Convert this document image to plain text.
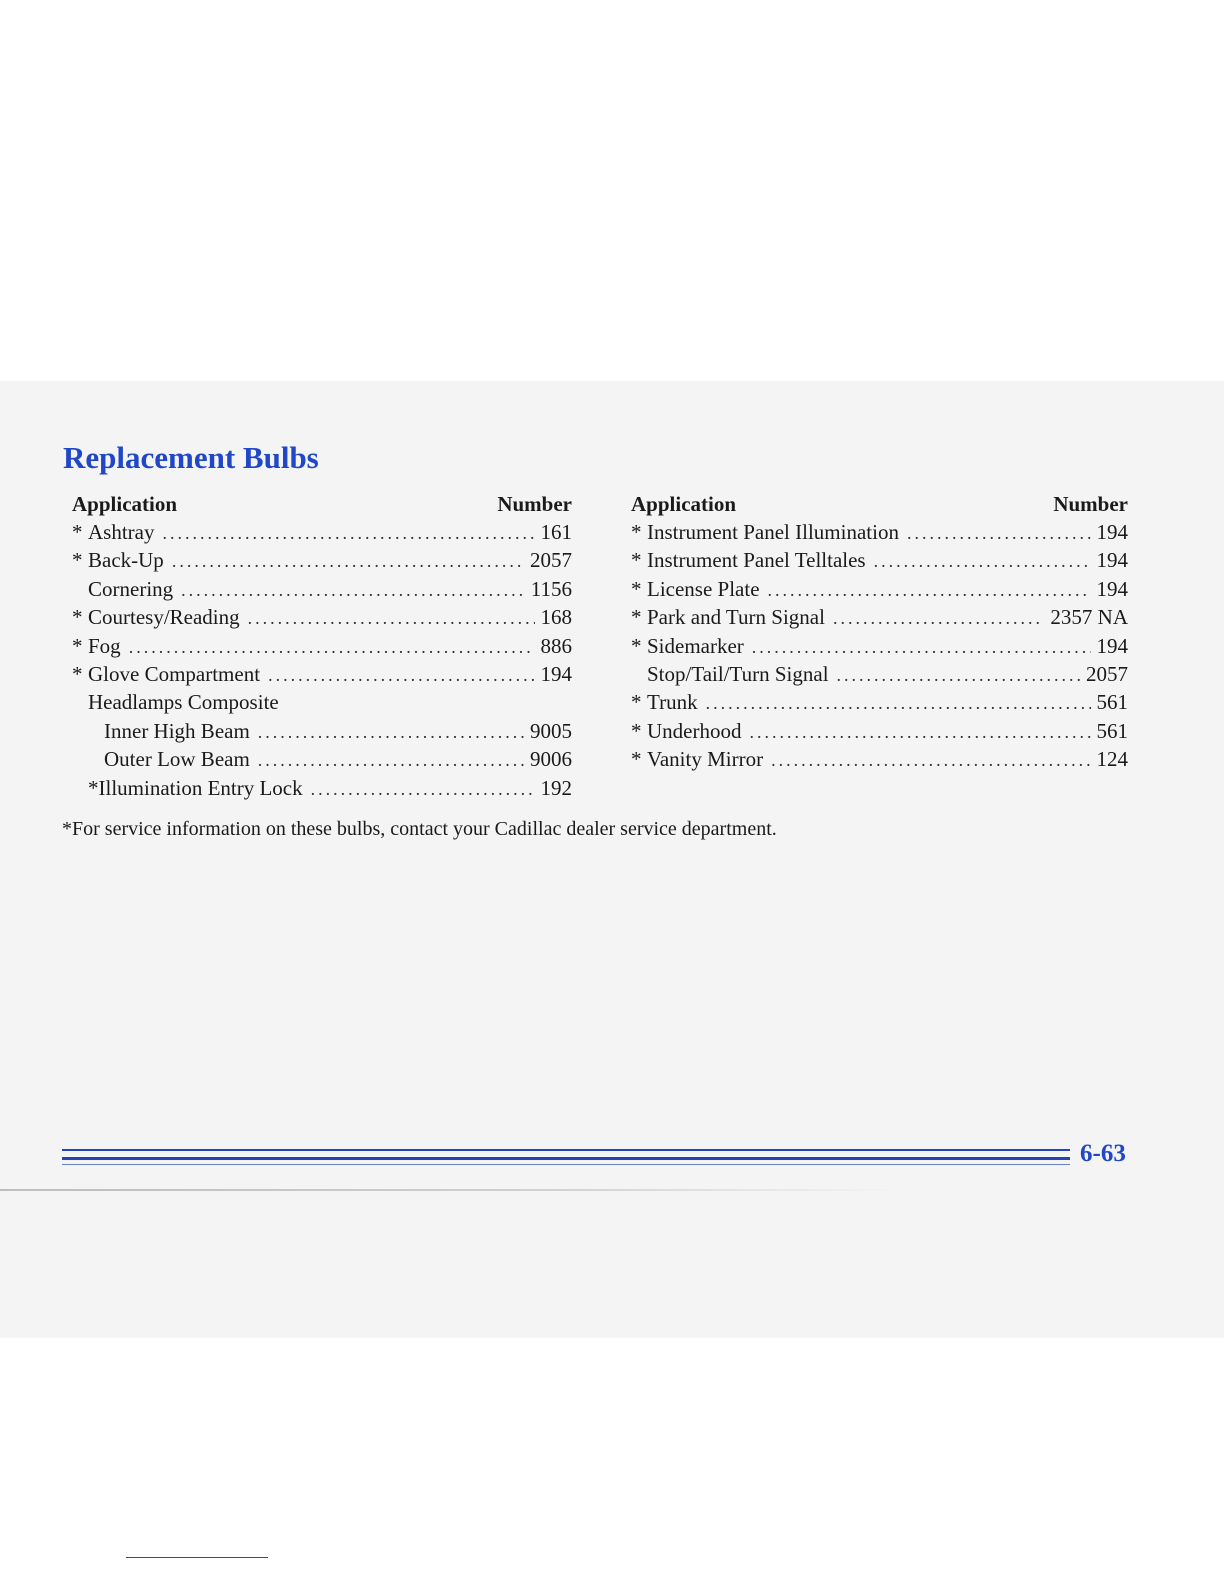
Replacement Bulbs
Application	Number
* Ashtray .....	161
* Back-Up .....	2057
Cornering .....	1156
* Courtesy/Reading .....	168
* Fog .....	886
* Glove Compartment .....	194
Headlamps Composite
Inner High Beam .....	9005
Outer Low Beam .....	9006
*Illumination Entry Lock .....	192
Application	Number
* Instrument Panel Illumination .....	194
* Instrument Panel Telltales .....	194
* License Plate .....	194
* Park and Turn Signal .....	2357 NA
* Sidemarker .....	194
Stop/Tail/Turn Signal .....	2057
* Trunk .....	561
* Underhood .....	561
* Vanity Mirror .....	124

*For service information on these bulbs, contact your Cadillac dealer service department.

6-63
